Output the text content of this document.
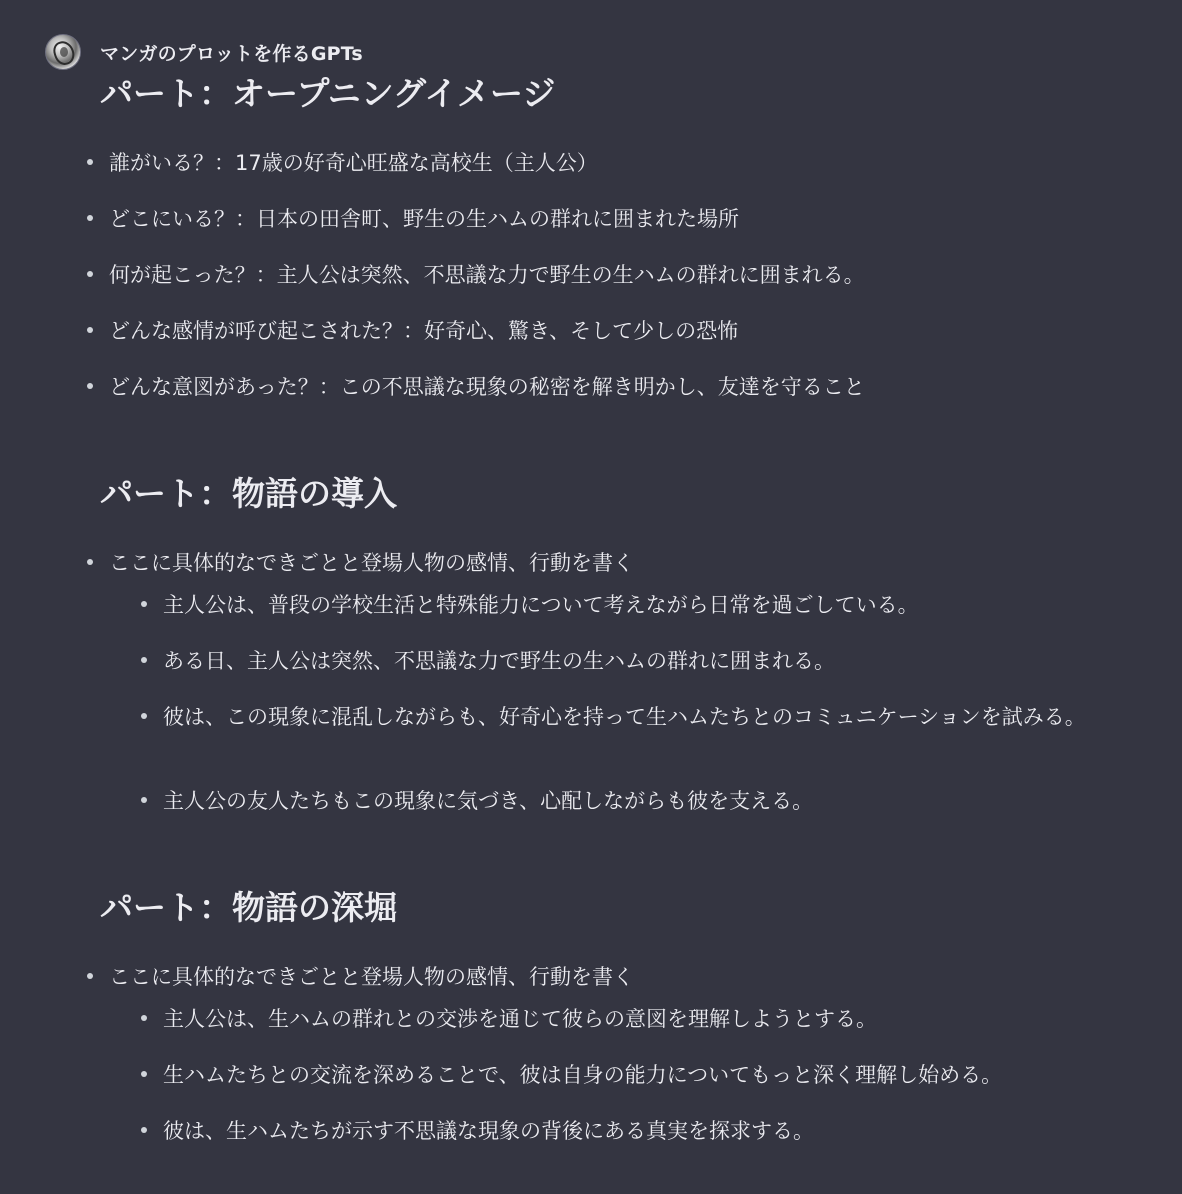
マンガのプロットを作るGPTs
パート：オープニングイメージ
誰がいる？：17歳の好奇心旺盛な高校生（主人公）
どこにいる？：日本の田舎町、野生の生ハムの群れに囲まれた場所
何が起こった？：主人公は突然、不思議な力で野生の生ハムの群れに囲まれる。
どんな感情が呼び起こされた？：好奇心、驚き、そして少しの恐怖
どんな意図があった？：この不思議な現象の秘密を解き明かし、友達を守ること
パート：物語の導入
ここに具体的なできごとと登場人物の感情、行動を書く
主人公は、普段の学校生活と特殊能力について考えながら日常を過ごしている。
ある日、主人公は突然、不思議な力で野生の生ハムの群れに囲まれる。
彼は、この現象に混乱しながらも、好奇心を持って生ハムたちとのコミュニケーションを試みる。
主人公の友人たちもこの現象に気づき、心配しながらも彼を支える。
パート：物語の深堀
ここに具体的なできごとと登場人物の感情、行動を書く
主人公は、生ハムの群れとの交渉を通じて彼らの意図を理解しようとする。
生ハムたちとの交流を深めることで、彼は自身の能力についてもっと深く理解し始める。
彼は、生ハムたちが示す不思議な現象の背後にある真実を探求する。
